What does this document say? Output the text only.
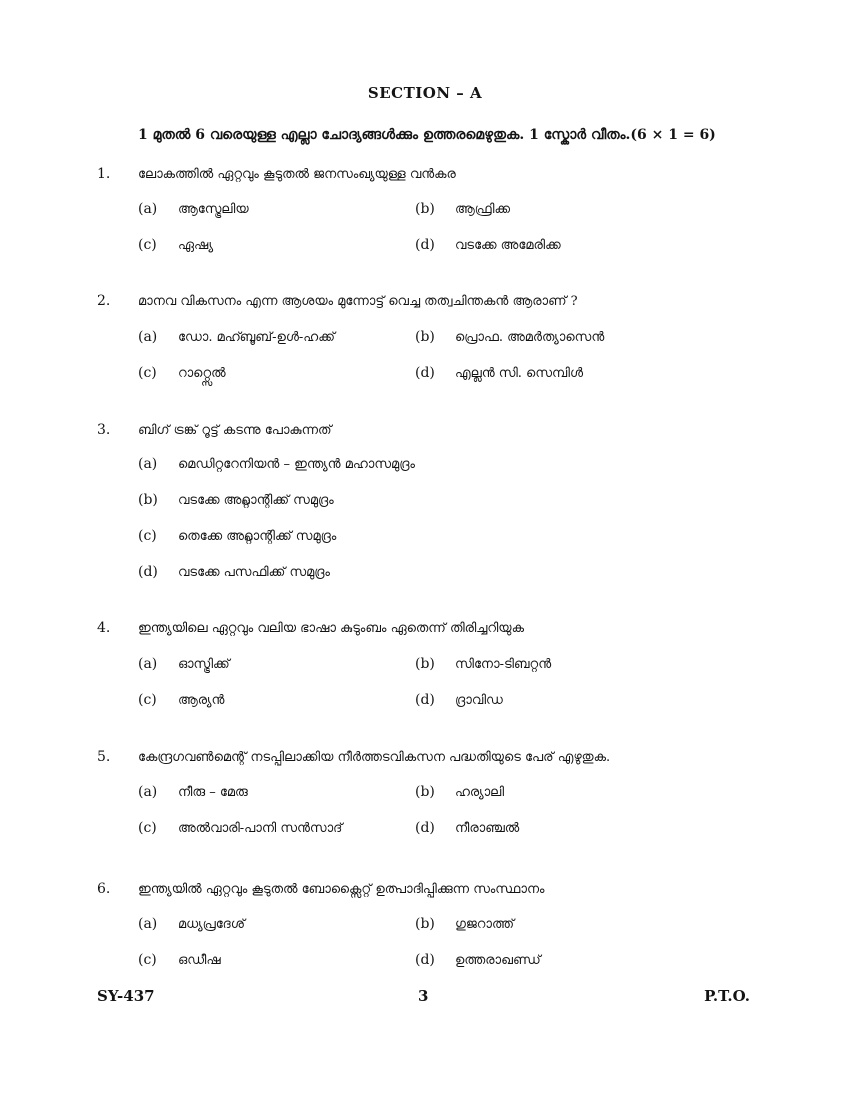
SECTION – A
1 മുതൽ 6 വരെയുള്ള എല്ലാ ചോദ്യങ്ങൾക്കും ഉത്തരമെഴുതുക. 1 സ്കോർ വീതം.(6 × 1 = 6)
1. ലോകത്തിൽ ഏറ്റവും കൂടുതൽ ജനസംഖ്യയുള്ള വൻകര
(a) ആസ്ട്രേലിയ	(b) ആഫ്രിക്ക
(c) ഏഷ്യ	(d) വടക്കേ അമേരിക്ക
2. മാനവ വികസനം എന്ന ആശയം മുന്നോട്ട് വെച്ച തത്വചിന്തകൻ ആരാണ് ?
(a) ഡോ. മഹ്ബൂബ്-ഉൾ-ഹക്ക്	(b) പ്രൊഫ. അമർത്യാസെൻ
(c) റാറ്റ്സെൽ	(d) എല്ലൻ സി. സെമ്പിൾ
3. ബിഗ് ട്രങ്ക് റൂട്ട് കടന്നു പോകുന്നത്
(a) മെഡിറ്ററേനിയൻ – ഇന്ത്യൻ മഹാസമുദ്രം
(b) വടക്കേ അറ്റ്ലാന്റിക്ക് സമുദ്രം
(c) തെക്കേ അറ്റ്ലാന്റിക്ക് സമുദ്രം
(d) വടക്കേ പസഫിക്ക് സമുദ്രം
4. ഇന്ത്യയിലെ ഏറ്റവും വലിയ ഭാഷാ കുടുംബം ഏതെന്ന് തിരിച്ചറിയുക
(a) ഓസ്ട്രിക്ക്	(b) സിനോ-ടിബറ്റൻ
(c) ആര്യൻ	(d) ദ്രാവിഡ
5. കേന്ദ്രഗവൺമെന്റ് നടപ്പിലാക്കിയ നീർത്തടവികസന പദ്ധതിയുടെ പേര് എഴുതുക.
(a) നീരു – മേരു	(b) ഹര്യാലി
(c) അൽവാരി-പാനി സൻസാദ്	(d) നീരാഞ്ചൽ
6. ഇന്ത്യയിൽ ഏറ്റവും കൂടുതൽ ബോക്സൈറ്റ് ഉത്പാദിപ്പിക്കുന്ന സംസ്ഥാനം
(a) മധ്യപ്രദേശ്	(b) ഗുജറാത്ത്
(c) ഒഡീഷ	(d) ഉത്തരാഖണ്ഡ്
SY-437	3	P.T.O.
